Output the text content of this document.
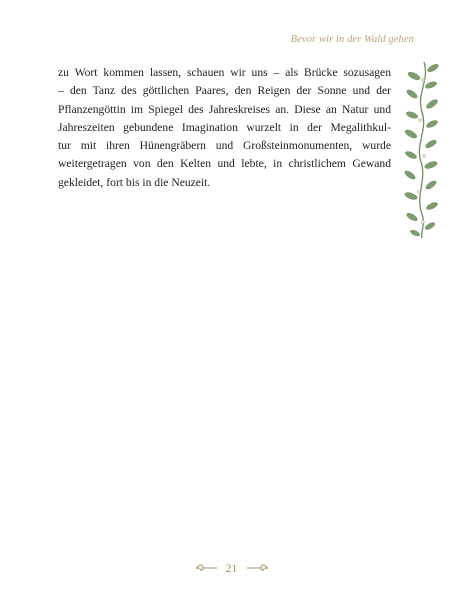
Bevor wir in der Wald gehen
zu Wort kommen lassen, schauen wir uns – als Brücke sozusagen
– den Tanz des göttlichen Paares, den Reigen der Sonne und der
Pflanzengöttin im Spiegel des Jahreskreises an. Diese an Natur und
Jahreszeiten gebundene Imagination wurzelt in der Megalithkul-
tur mit ihren Hünengräbern und Großsteinmonumenten, wurde
weitergetragen von den Kelten und lebte, in christlichem Gewand
gekleidet, fort bis in die Neuzeit.
21
